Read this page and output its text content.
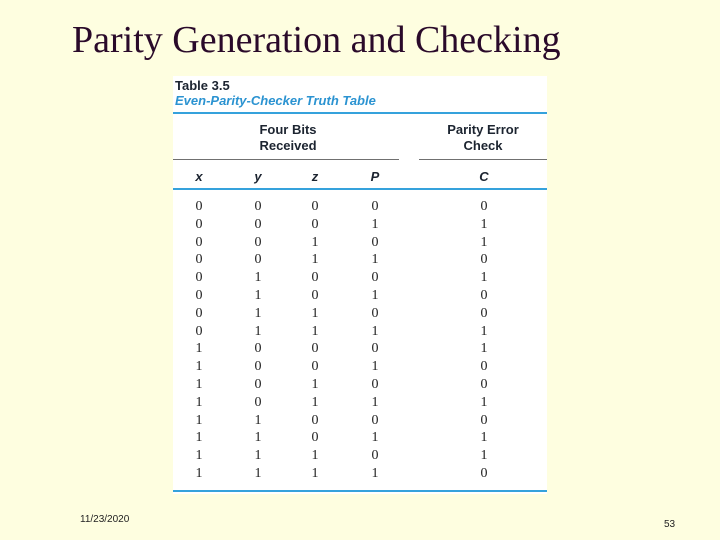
Parity Generation and Checking
Table 3.5
Even-Parity-Checker Truth Table
Four Bits
Received
Parity Error
Check
x	y	z	P	C
0	0	0	0	0
0	0	0	1	1
0	0	1	0	1
0	0	1	1	0
0	1	0	0	1
0	1	0	1	0
0	1	1	0	0
0	1	1	1	1
1	0	0	0	1
1	0	0	1	0
1	0	1	0	0
1	0	1	1	1
1	1	0	0	0
1	1	0	1	1
1	1	1	0	1
1	1	1	1	0
11/23/2020	53
